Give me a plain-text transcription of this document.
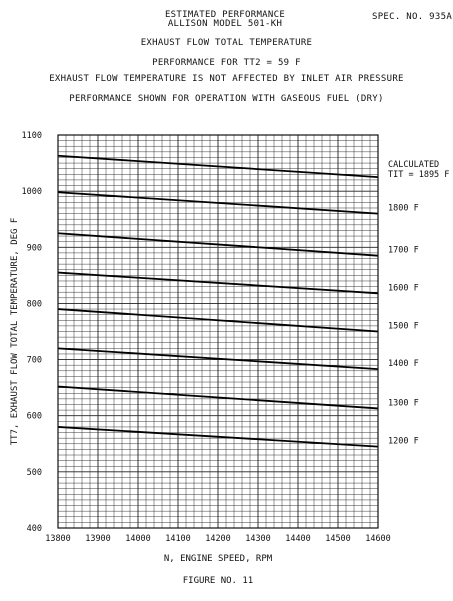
SPEC. NO. 935A
ESTIMATED PERFORMANCE
ALLISON MODEL 501-KH
EXHAUST FLOW TOTAL TEMPERATURE
PERFORMANCE FOR TT2 = 59 F
EXHAUST FLOW TEMPERATURE IS NOT AFFECTED BY INLET AIR PRESSURE
PERFORMANCE SHOWN FOR OPERATION WITH GASEOUS FUEL (DRY)
13800 13900 14000 14100 14200 14300 14400 14500 14600
400
500
600
700
800
900
1000
1100
1800 F
1700 F
1600 F
1500 F
1400 F
1300 F
1200 F
N, ENGINE SPEED, RPM
FIGURE NO. 11
TT7, EXHAUST FLOW TOTAL TEMPERATURE, DEG F
CALCULATED
TIT = 1895 F
